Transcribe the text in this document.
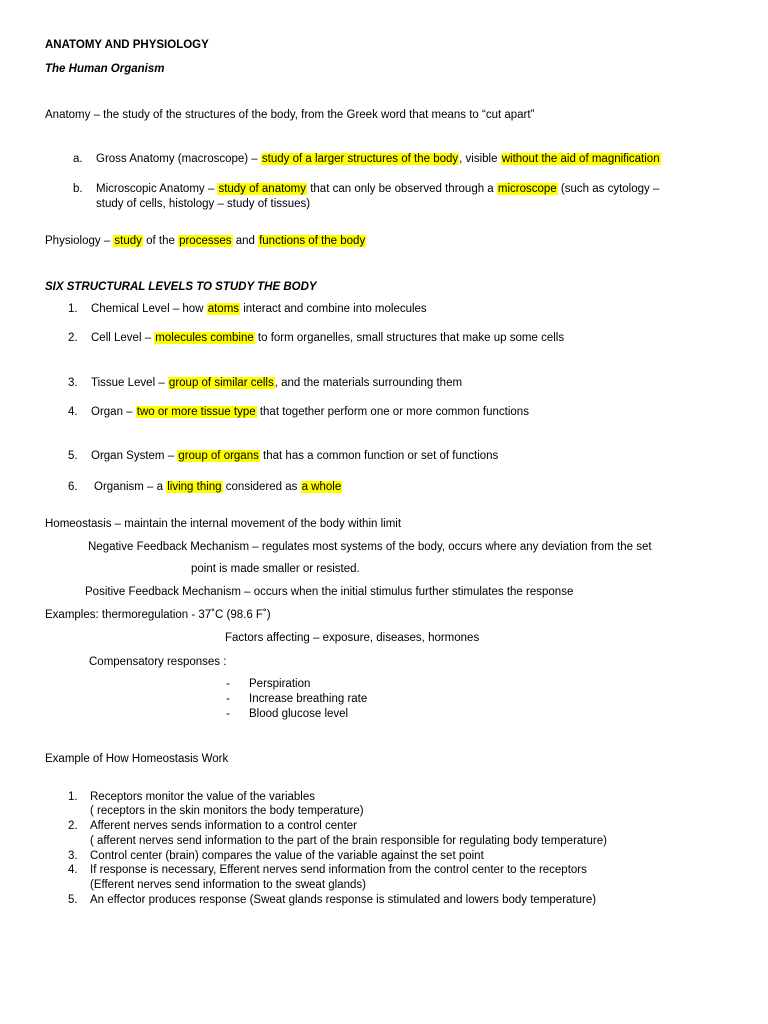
ANATOMY AND PHYSIOLOGY
The Human Organism
Anatomy – the study of the structures of the body, from the Greek word that means to “cut apart”
a. Gross Anatomy (macroscope) – study of a larger structures of the body, visible without the aid of magnification
b. Microscopic Anatomy – study of anatomy that can only be observed through a microscope (such as cytology –
study of cells, histology – study of tissues)
Physiology – study of the processes and functions of the body
SIX STRUCTURAL LEVELS TO STUDY THE BODY
1. Chemical Level – how atoms interact and combine into molecules
2. Cell Level – molecules combine to form organelles, small structures that make up some cells
3. Tissue Level – group of similar cells, and the materials surrounding them
4. Organ – two or more tissue type that together perform one or more common functions
5. Organ System – group of organs that has a common function or set of functions
6. Organism – a living thing considered as a whole
Homeostasis – maintain the internal movement of the body within limit
Negative Feedback Mechanism – regulates most systems of the body, occurs where any deviation from the set
point is made smaller or resisted.
Positive Feedback Mechanism – occurs when the initial stimulus further stimulates the response
Examples: thermoregulation - 37˚C (98.6 F˚)
Factors affecting – exposure, diseases, hormones
Compensatory responses :
- Perspiration
- Increase breathing rate
- Blood glucose level
Example of How Homeostasis Work
1. Receptors monitor the value of the variables
( receptors in the skin monitors the body temperature)
2. Afferent nerves sends information to a control center
( afferent nerves send information to the part of the brain responsible for regulating body temperature)
3. Control center (brain) compares the value of the variable against the set point
4. If response is necessary, Efferent nerves send information from the control center to the receptors
(Efferent nerves send information to the sweat glands)
5. An effector produces response (Sweat glands response is stimulated and lowers body temperature)
